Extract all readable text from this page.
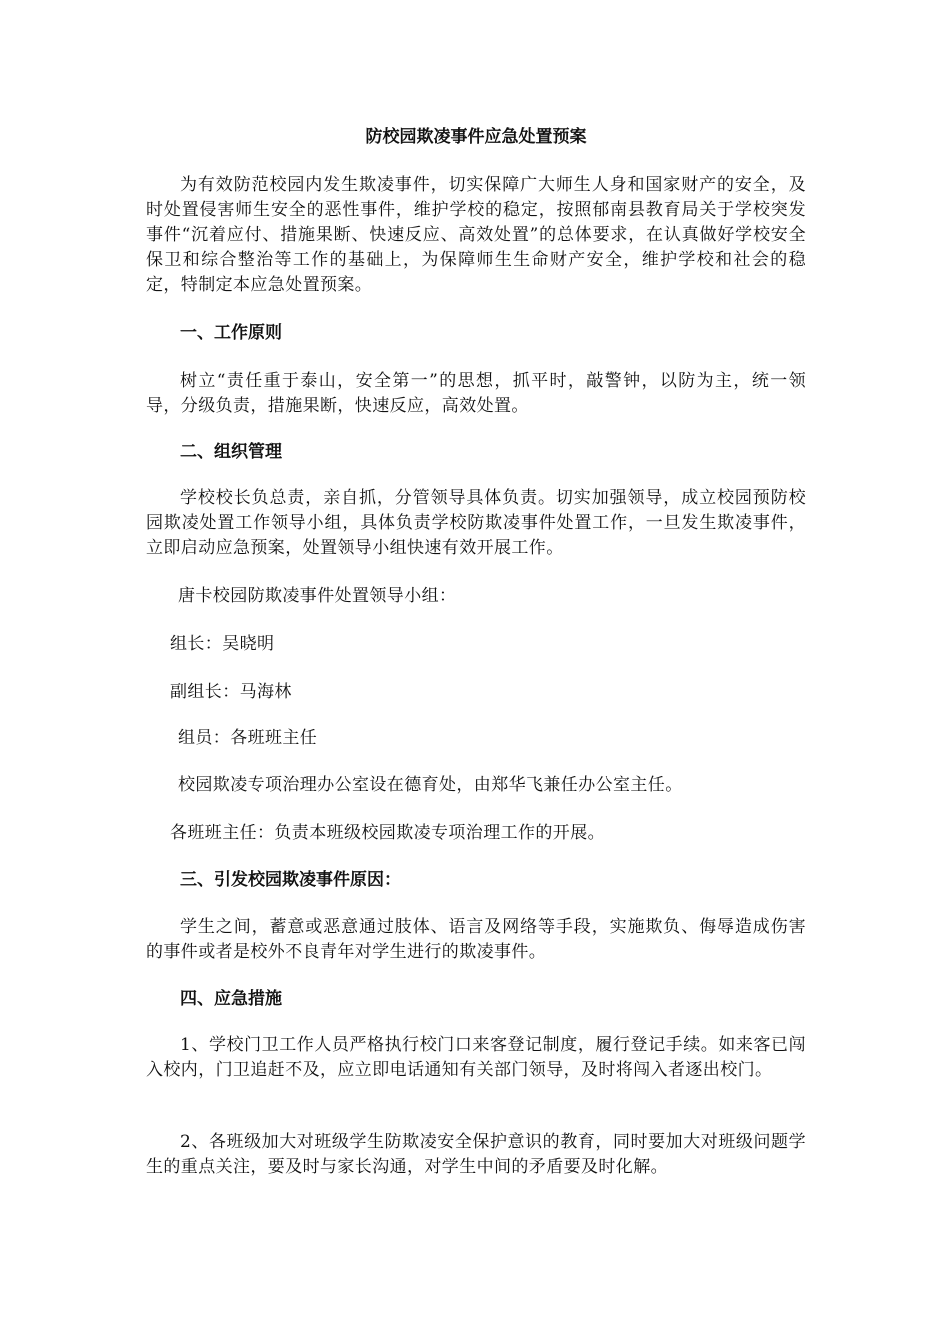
防校园欺凌事件应急处置预案

为有效防范校园内发生欺凌事件，切实保障广大师生人身和国家财产的安全，及时处置侵害师生安全的恶性事件，维护学校的稳定，按照郁南县教育局关于学校突发事件“沉着应付、措施果断、快速反应、高效处置”的总体要求，在认真做好学校安全保卫和综合整治等工作的基础上，为保障师生生命财产安全，维护学校和社会的稳定，特制定本应急处置预案。

一、工作原则

树立“责任重于泰山，安全第一”的思想，抓平时，敲警钟，以防为主，统一领导，分级负责，措施果断，快速反应，高效处置。

二、组织管理

学校校长负总责，亲自抓，分管领导具体负责。切实加强领导，成立校园预防校园欺凌处置工作领导小组，具体负责学校防欺凌事件处置工作，一旦发生欺凌事件，立即启动应急预案，处置领导小组快速有效开展工作。

唐卡校园防欺凌事件处置领导小组：

组长：吴晓明

副组长：马海林

组员：各班班主任

校园欺凌专项治理办公室设在德育处，由郑华飞兼任办公室主任。

各班班主任：负责本班级校园欺凌专项治理工作的开展。

三、引发校园欺凌事件原因：

学生之间，蓄意或恶意通过肢体、语言及网络等手段，实施欺负、侮辱造成伤害的事件或者是校外不良青年对学生进行的欺凌事件。

四、应急措施

1、学校门卫工作人员严格执行校门口来客登记制度，履行登记手续。如来客已闯入校内，门卫追赶不及，应立即电话通知有关部门领导，及时将闯入者逐出校门。

2、各班级加大对班级学生防欺凌安全保护意识的教育，同时要加大对班级问题学生的重点关注，要及时与家长沟通，对学生中间的矛盾要及时化解。
